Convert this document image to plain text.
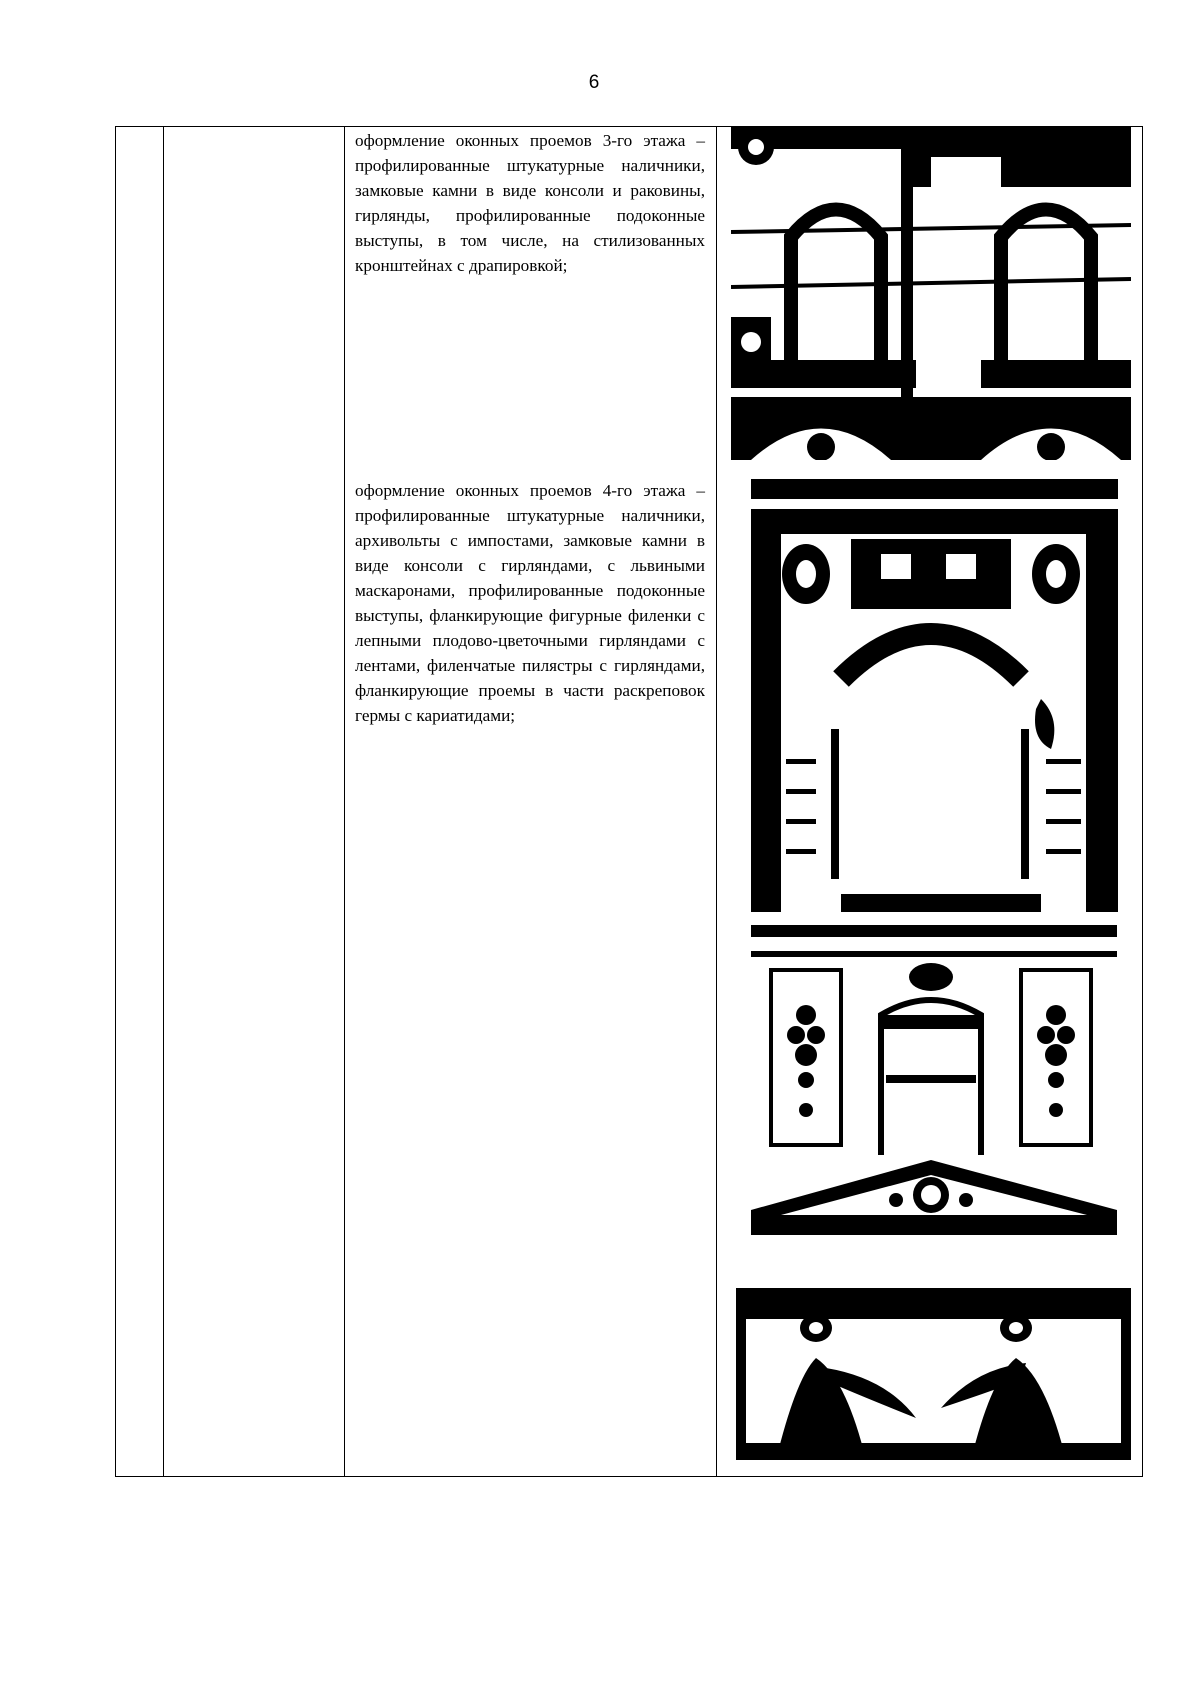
6

оформление оконных проемов 3-го этажа – профилированные штукатурные наличники, замковые камни в виде консоли и раковины, гирлянды, профилированные подоконные выступы, в том числе, на стилизованных кронштейнах с драпировкой;

оформление оконных проемов 4-го этажа – профилированные штукатурные наличники, архивольты с импостами, замковые камни в виде консоли с гирляндами, с львиными маскаронами, профилированные подоконные выступы, фланкирующие фигурные филенки с лепными плодово-цветочными гирляндами с лентами, филенчатые пилястры с гирляндами, фланкирующие проемы в части раскреповок гермы с кариатидами;
